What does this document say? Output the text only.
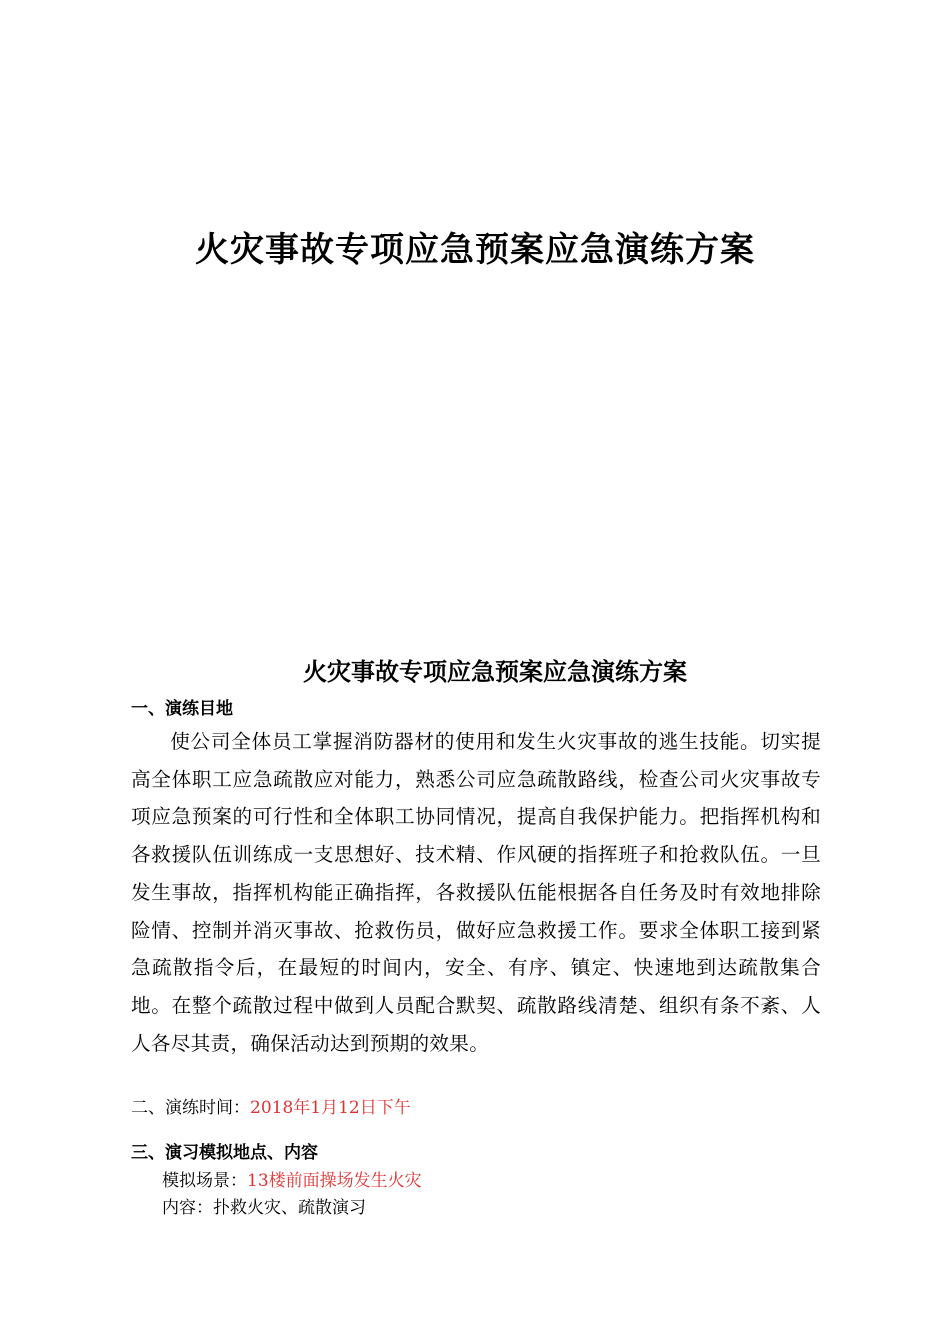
火灾事故专项应急预案应急演练方案
火灾事故专项应急预案应急演练方案
一、演练目地
使公司全体员工掌握消防器材的使用和发生火灾事故的逃生技能。切实提高全体职工应急疏散应对能力，熟悉公司应急疏散路线，检查公司火灾事故专项应急预案的可行性和全体职工协同情况，提高自我保护能力。把指挥机构和各救援队伍训练成一支思想好、技术精、作风硬的指挥班子和抢救队伍。一旦发生事故，指挥机构能正确指挥，各救援队伍能根据各自任务及时有效地排除险情、控制并消灭事故、抢救伤员，做好应急救援工作。要求全体职工接到紧急疏散指令后，在最短的时间内，安全、有序、镇定、快速地到达疏散集合地。在整个疏散过程中做到人员配合默契、疏散路线清楚、组织有条不紊、人人各尽其责，确保活动达到预期的效果。
二、演练时间：2018年1月12日下午
三、演习模拟地点、内容
模拟场景：13楼前面操场发生火灾
内容：扑救火灾、疏散演习
